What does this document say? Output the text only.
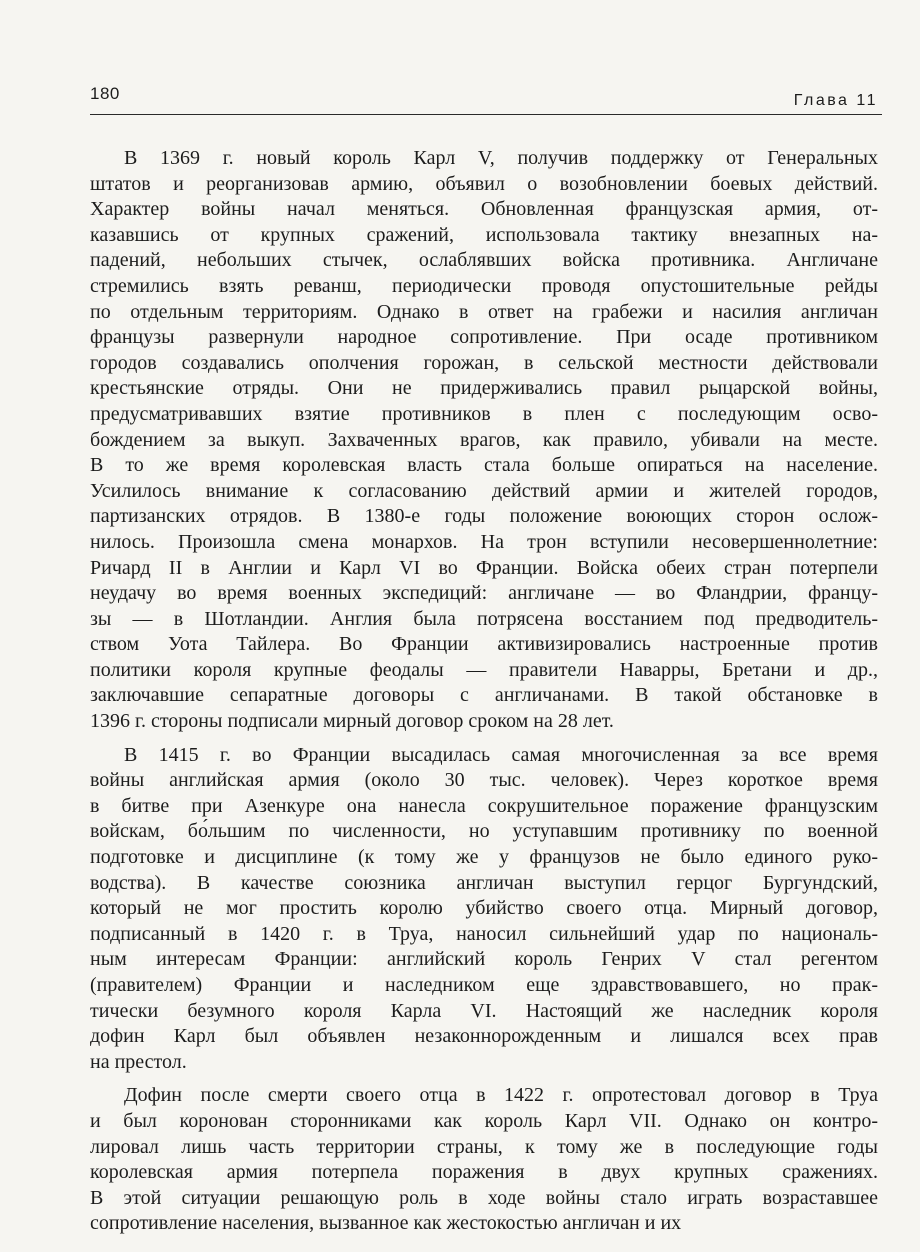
180	Глава 11
В 1369 г. новый король Карл V, получив поддержку от Генеральных
штатов и реорганизовав армию, объявил о возобновлении боевых действий.
Характер войны начал меняться. Обновленная французская армия, от-
казавшись от крупных сражений, использовала тактику внезапных на-
падений, небольших стычек, ослаблявших войска противника. Англичане
стремились взять реванш, периодически проводя опустошительные рейды
по отдельным территориям. Однако в ответ на грабежи и насилия англичан
французы развернули народное сопротивление. При осаде противником
городов создавались ополчения горожан, в сельской местности действовали
крестьянские отряды. Они не придерживались правил рыцарской войны,
предусматривавших взятие противников в плен с последующим осво-
бождением за выкуп. Захваченных врагов, как правило, убивали на месте.
В то же время королевская власть стала больше опираться на население.
Усилилось внимание к согласованию действий армии и жителей городов,
партизанских отрядов. В 1380-е годы положение воюющих сторон ослож-
нилось. Произошла смена монархов. На трон вступили несовершеннолетние:
Ричард II в Англии и Карл VI во Франции. Войска обеих стран потерпели
неудачу во время военных экспедиций: англичане — во Фландрии, францу-
зы — в Шотландии. Англия была потрясена восстанием под предводитель-
ством Уота Тайлера. Во Франции активизировались настроенные против
политики короля крупные феодалы — правители Наварры, Бретани и др.,
заключавшие сепаратные договоры с англичанами. В такой обстановке в
1396 г. стороны подписали мирный договор сроком на 28 лет.
В 1415 г. во Франции высадилась самая многочисленная за все время
войны английская армия (около 30 тыс. человек). Через короткое время
в битве при Азенкуре она нанесла сокрушительное поражение французским
войскам, бо́льшим по численности, но уступавшим противнику по военной
подготовке и дисциплине (к тому же у французов не было единого руко-
водства). В качестве союзника англичан выступил герцог Бургундский,
который не мог простить королю убийство своего отца. Мирный договор,
подписанный в 1420 г. в Труа, наносил сильнейший удар по националь-
ным интересам Франции: английский король Генрих V стал регентом
(правителем) Франции и наследником еще здравствовавшего, но прак-
тически безумного короля Карла VI. Настоящий же наследник короля
дофин Карл был объявлен незаконнорожденным и лишался всех прав
на престол.
Дофин после смерти своего отца в 1422 г. опротестовал договор в Труа
и был коронован сторонниками как король Карл VII. Однако он контро-
лировал лишь часть территории страны, к тому же в последующие годы
королевская армия потерпела поражения в двух крупных сражениях.
В этой ситуации решающую роль в ходе войны стало играть возраставшее
сопротивление населения, вызванное как жестокостью англичан и их
